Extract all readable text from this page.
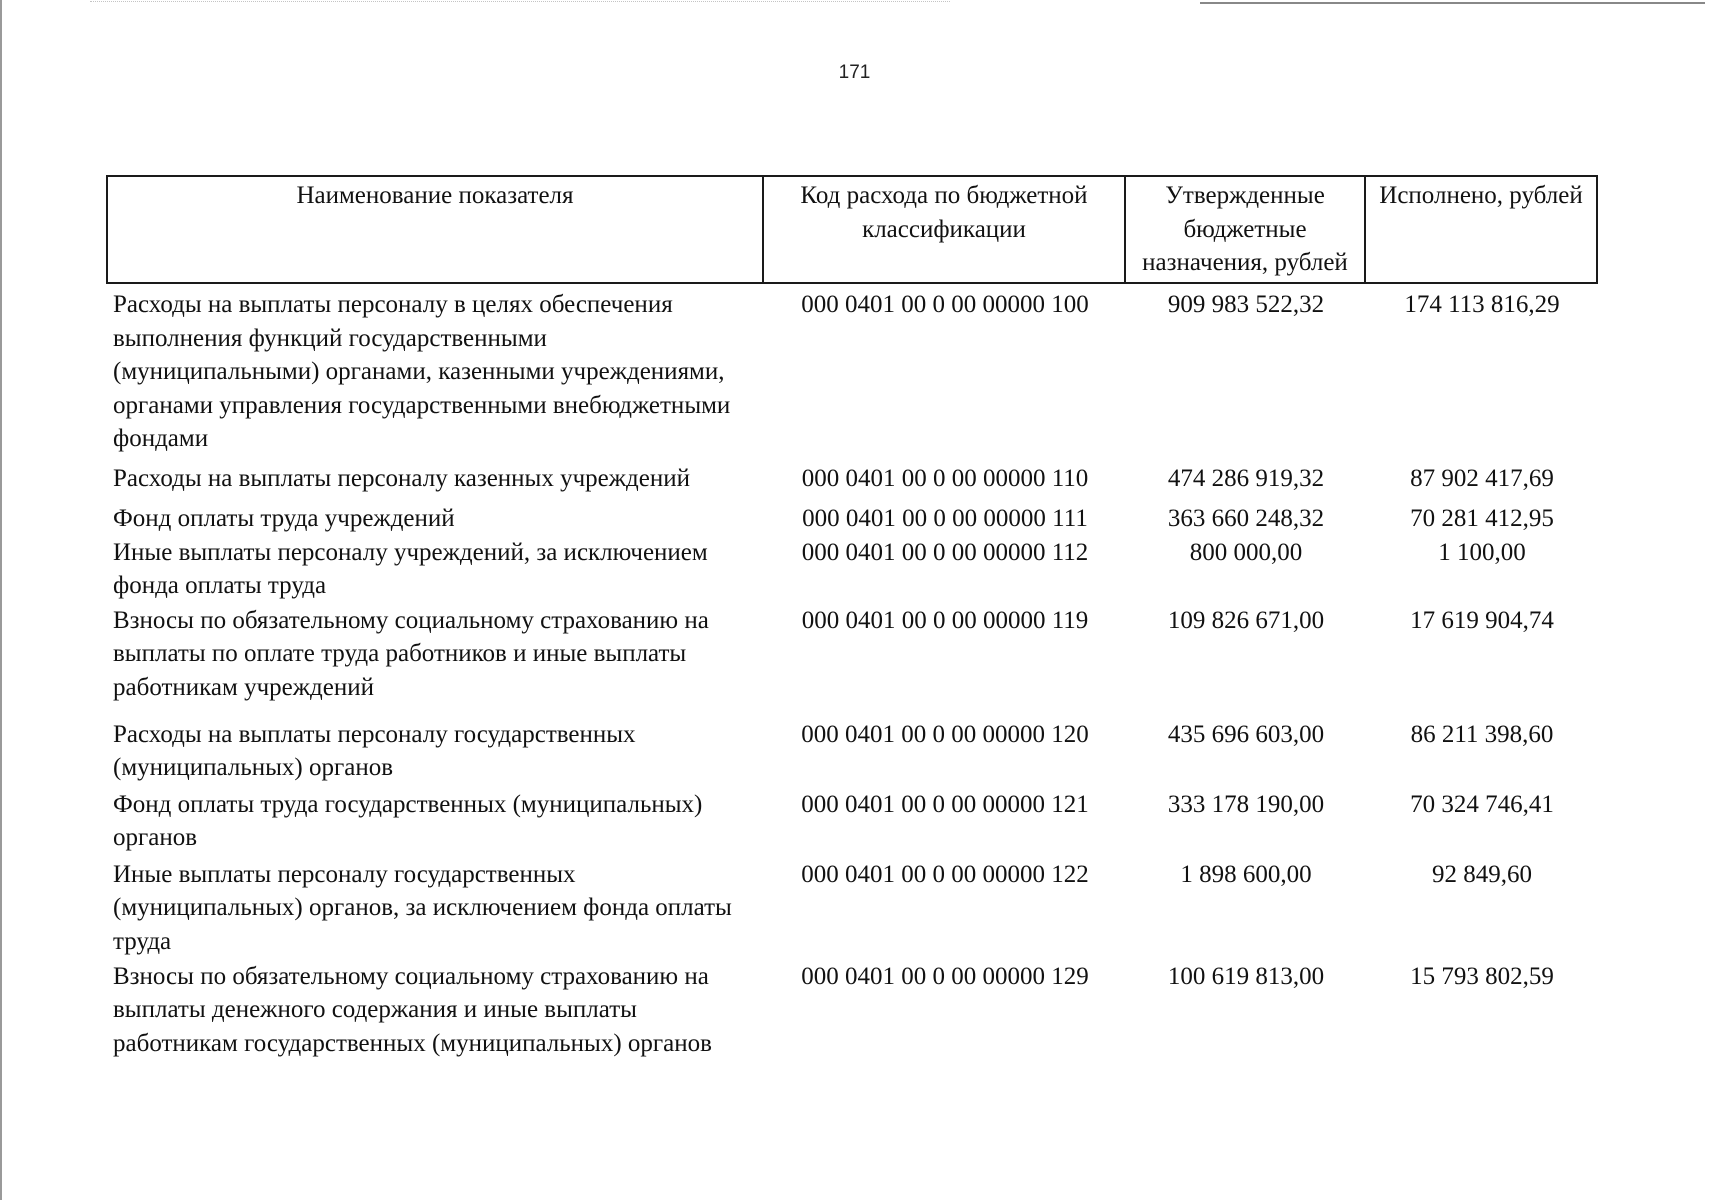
171
Наименование показателя	Код расхода по бюджетной классификации	Утвержденные бюджетные назначения, рублей	Исполнено, рублей
Расходы на выплаты персоналу в целях обеспечения выполнения функций государственными (муниципальными) органами, казенными учреждениями, органами управления государственными внебюджетными фондами	000 0401 00 0 00 00000 100	909 983 522,32	174 113 816,29
Расходы на выплаты персоналу казенных учреждений	000 0401 00 0 00 00000 110	474 286 919,32	87 902 417,69
Фонд оплаты труда учреждений	000 0401 00 0 00 00000 111	363 660 248,32	70 281 412,95
Иные выплаты персоналу учреждений, за исключением фонда оплаты труда	000 0401 00 0 00 00000 112	800 000,00	1 100,00
Взносы по обязательному социальному страхованию на выплаты по оплате труда работников и иные выплаты работникам учреждений	000 0401 00 0 00 00000 119	109 826 671,00	17 619 904,74
Расходы на выплаты персоналу государственных (муниципальных) органов	000 0401 00 0 00 00000 120	435 696 603,00	86 211 398,60
Фонд оплаты труда государственных (муниципальных) органов	000 0401 00 0 00 00000 121	333 178 190,00	70 324 746,41
Иные выплаты персоналу государственных (муниципальных) органов, за исключением фонда оплаты труда	000 0401 00 0 00 00000 122	1 898 600,00	92 849,60
Взносы по обязательному социальному страхованию на выплаты денежного содержания и иные выплаты работникам государственных (муниципальных) органов	000 0401 00 0 00 00000 129	100 619 813,00	15 793 802,59
